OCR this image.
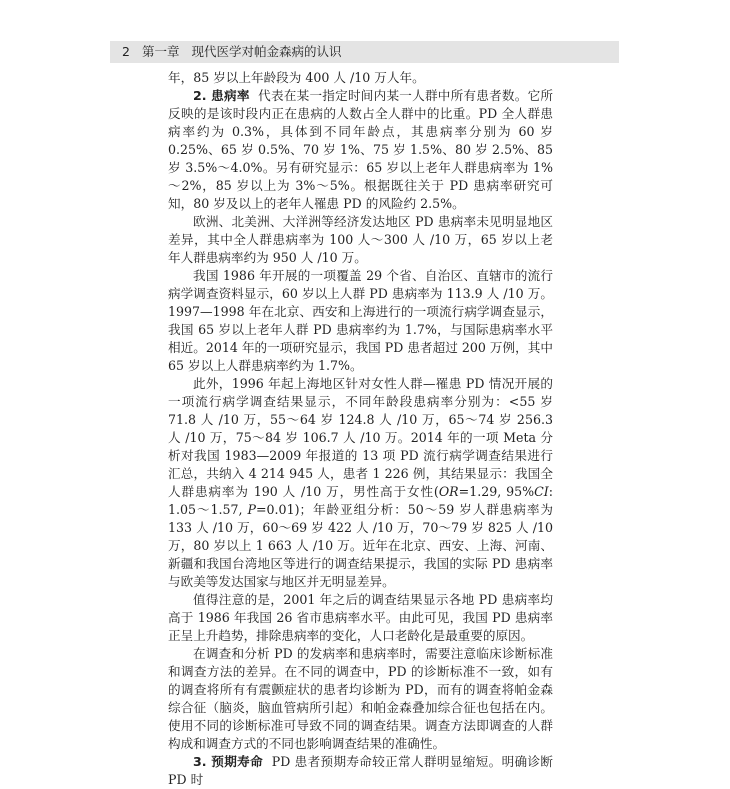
2 第一章 现代医学对帕金森病的认识

年，85 岁以上年龄段为 400 人 /10 万人年。

2. 患病率 代表在某一指定时间内某一人群中所有患者数。它所反映的是该时段内正在患病的人数占全人群中的比重。PD 全人群患病率约为 0.3%，具体到不同年龄点，其患病率分别为 60 岁 0.25%、65 岁 0.5%、70 岁 1%、75 岁 1.5%、80 岁 2.5%、85 岁 3.5%～4.0%。另有研究显示：65 岁以上老年人群患病率为 1%～2%，85 岁以上为 3%～5%。根据既往关于 PD 患病率研究可知，80 岁及以上的老年人罹患 PD 的风险约 2.5%。

欧洲、北美洲、大洋洲等经济发达地区 PD 患病率未见明显地区差异，其中全人群患病率为 100 人～300 人 /10 万，65 岁以上老年人群患病率约为 950 人 /10 万。

我国 1986 年开展的一项覆盖 29 个省、自治区、直辖市的流行病学调查资料显示，60 岁以上人群 PD 患病率为 113.9 人 /10 万。1997—1998 年在北京、西安和上海进行的一项流行病学调查显示，我国 65 岁以上老年人群 PD 患病率约为 1.7%，与国际患病率水平相近。2014 年的一项研究显示，我国 PD 患者超过 200 万例，其中 65 岁以上人群患病率约为 1.7%。

此外，1996 年起上海地区针对女性人群—罹患 PD 情况开展的一项流行病学调查结果显示，不同年龄段患病率分别为：<55 岁 71.8 人 /10 万，55～64 岁 124.8 人 /10 万，65～74 岁 256.3 人 /10 万，75～84 岁 106.7 人 /10 万。2014 年的一项 Meta 分析对我国 1983—2009 年报道的 13 项 PD 流行病学调查结果进行汇总，共纳入 4 214 945 人，患者 1 226 例，其结果显示：我国全人群患病率为 190 人 /10 万，男性高于女性(OR=1.29, 95%CI: 1.05～1.57, P=0.01)；年龄亚组分析：50～59 岁人群患病率为 133 人 /10 万，60～69 岁 422 人 /10 万，70～79 岁 825 人 /10 万，80 岁以上 1 663 人 /10 万。近年在北京、西安、上海、河南、新疆和我国台湾地区等进行的调查结果提示，我国的实际 PD 患病率与欧美等发达国家与地区并无明显差异。

值得注意的是，2001 年之后的调查结果显示各地 PD 患病率均高于 1986 年我国 26 省市患病率水平。由此可见，我国 PD 患病率正呈上升趋势，排除患病率的变化，人口老龄化是最重要的原因。

在调查和分析 PD 的发病率和患病率时，需要注意临床诊断标准和调查方法的差异。在不同的调查中，PD 的诊断标准不一致，如有的调查将所有有震颤症状的患者均诊断为 PD，而有的调查将帕金森综合征（脑炎，脑血管病所引起）和帕金森叠加综合征也包括在内。使用不同的诊断标准可导致不同的调查结果。调查方法即调查的人群构成和调查方式的不同也影响调查结果的准确性。

3. 预期寿命 PD 患者预期寿命较正常人群明显缩短。明确诊断 PD 时
